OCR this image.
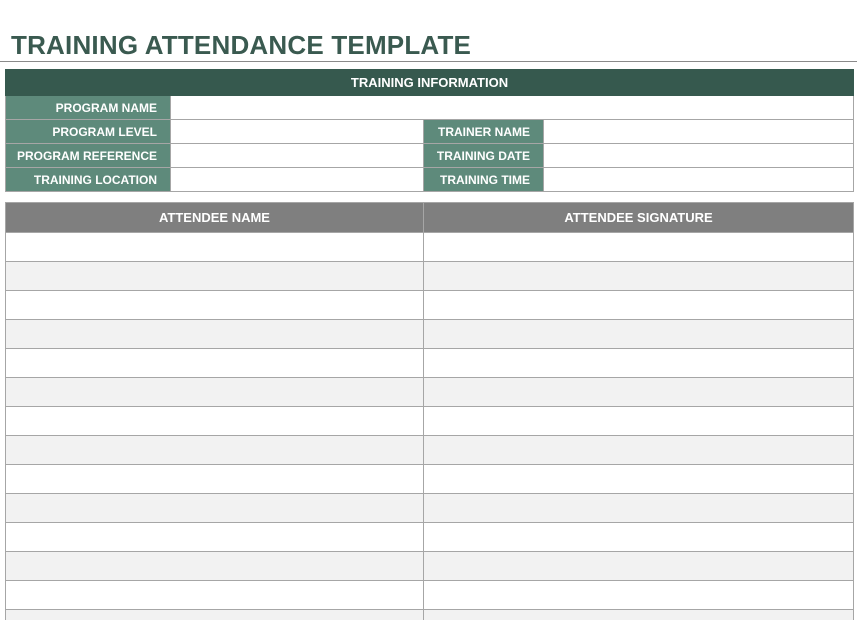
TRAINING ATTENDANCE TEMPLATE
TRAINING INFORMATION			
PROGRAM NAME			
PROGRAM LEVEL		TRAINER NAME	
PROGRAM REFERENCE		TRAINING DATE	
TRAINING LOCATION		TRAINING TIME	
ATTENDEE NAME	ATTENDEE SIGNATURE
